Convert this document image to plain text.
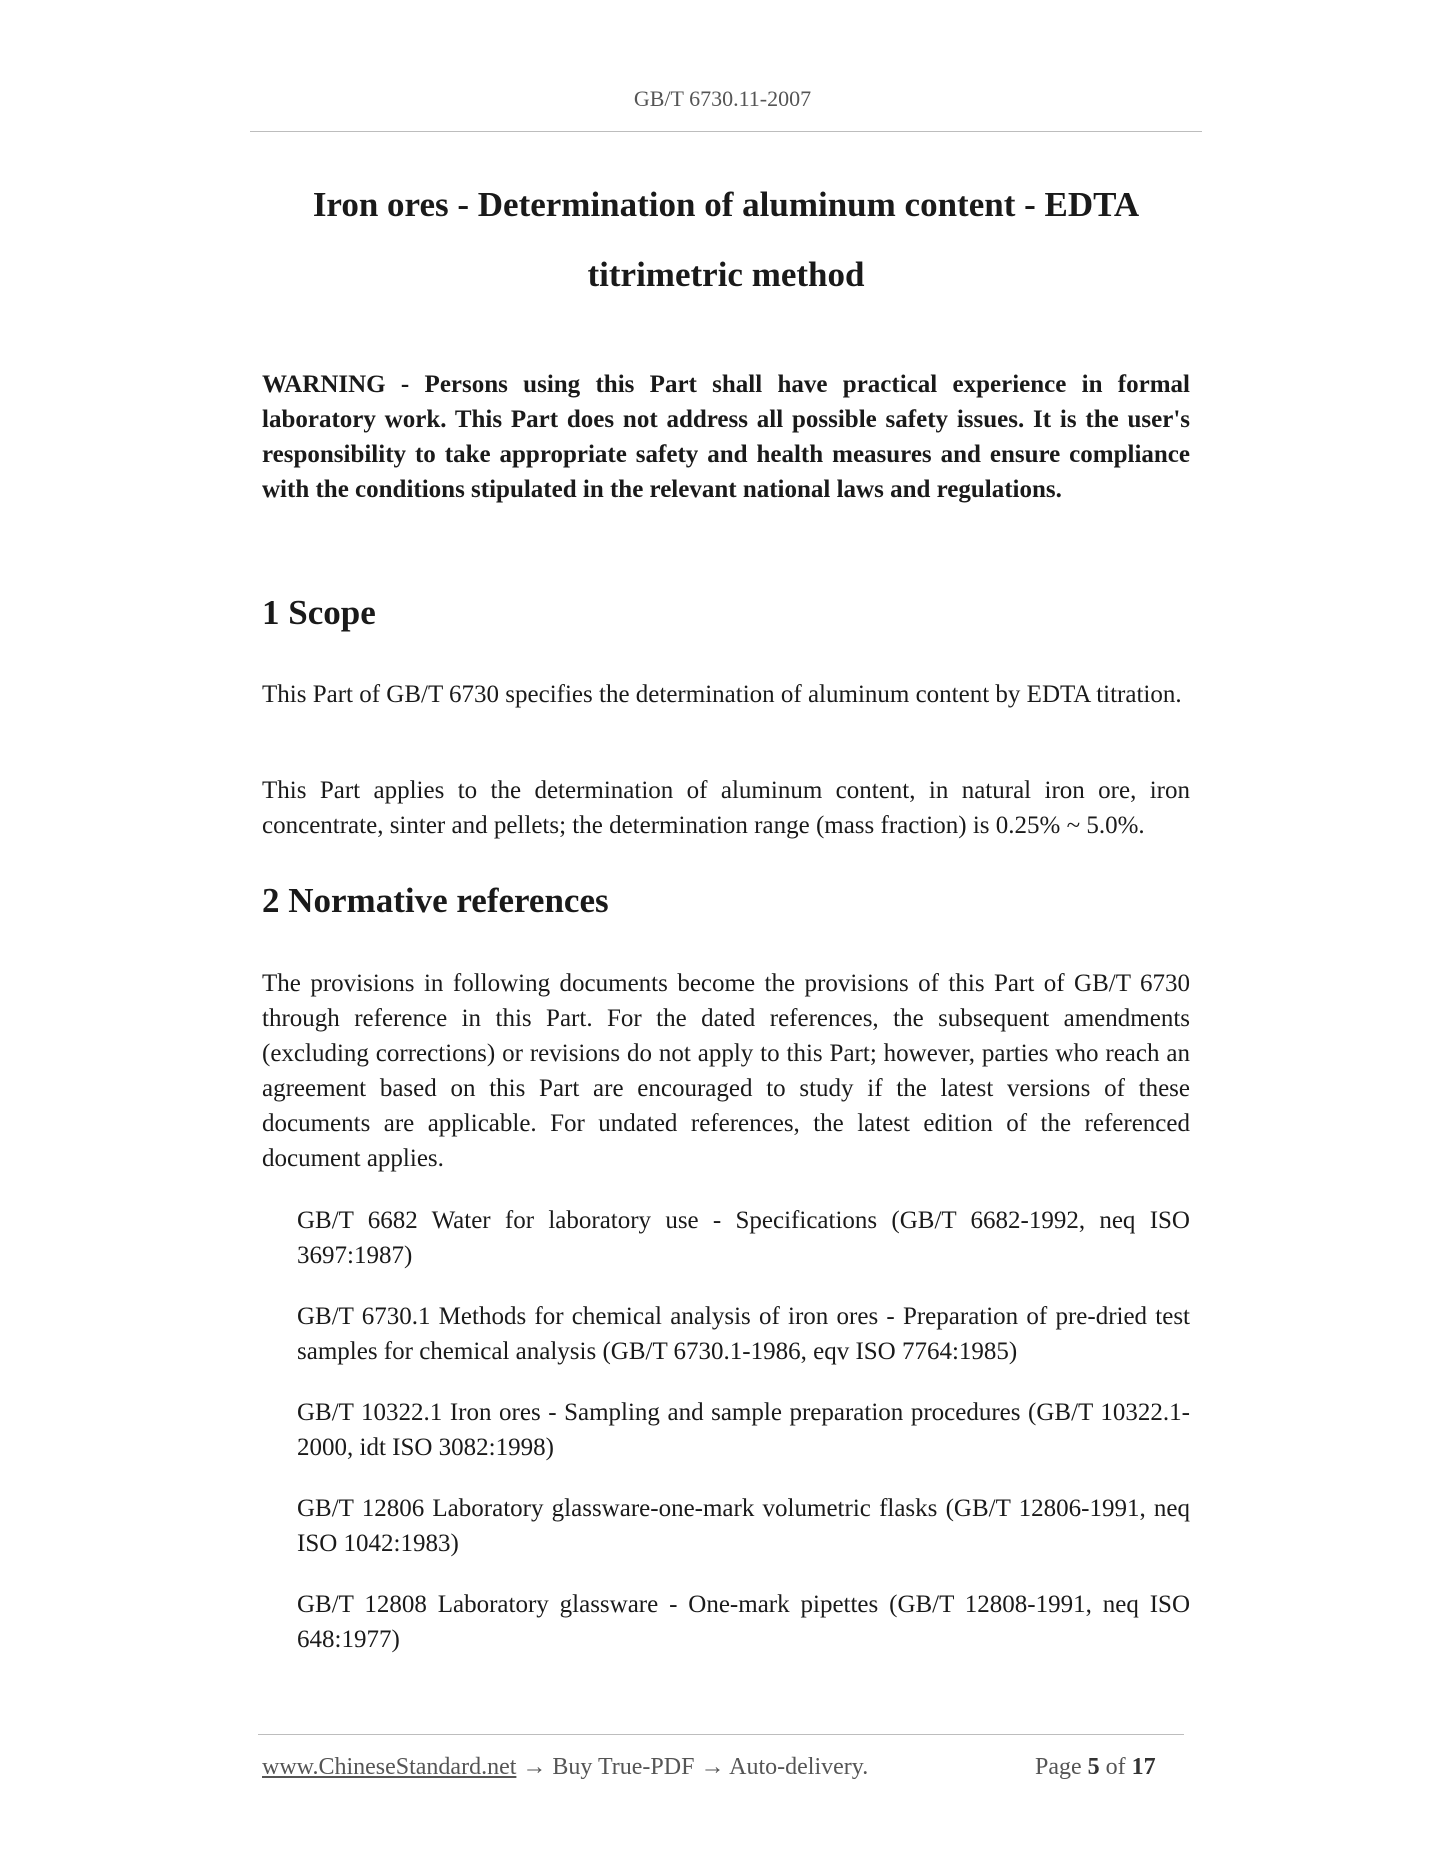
GB/T 6730.11-2007
Iron ores - Determination of aluminum content - EDTA
titrimetric method
WARNING - Persons using this Part shall have practical experience in formal laboratory work. This Part does not address all possible safety issues. It is the user's responsibility to take appropriate safety and health measures and ensure compliance with the conditions stipulated in the relevant national laws and regulations.
1 Scope

This Part of GB/T 6730 specifies the determination of aluminum content by EDTA titration.

This Part applies to the determination of aluminum content, in natural iron ore, iron concentrate, sinter and pellets; the determination range (mass fraction) is 0.25% ~ 5.0%.

2 Normative references

The provisions in following documents become the provisions of this Part of GB/T 6730 through reference in this Part. For the dated references, the subsequent amendments (excluding corrections) or revisions do not apply to this Part; however, parties who reach an agreement based on this Part are encouraged to study if the latest versions of these documents are applicable. For undated references, the latest edition of the referenced document applies.

GB/T 6682 Water for laboratory use - Specifications (GB/T 6682-1992, neq ISO 3697:1987)
GB/T 6730.1 Methods for chemical analysis of iron ores - Preparation of pre-dried test samples for chemical analysis (GB/T 6730.1-1986, eqv ISO 7764:1985)
GB/T 10322.1 Iron ores - Sampling and sample preparation procedures (GB/T 10322.1-2000, idt ISO 3082:1998)
GB/T 12806 Laboratory glassware-one-mark volumetric flasks (GB/T 12806-1991, neq ISO 1042:1983)
GB/T 12808 Laboratory glassware - One-mark pipettes (GB/T 12808-1991, neq ISO 648:1977)
www.ChineseStandard.net → Buy True-PDF → Auto-delivery.	Page 5 of 17
